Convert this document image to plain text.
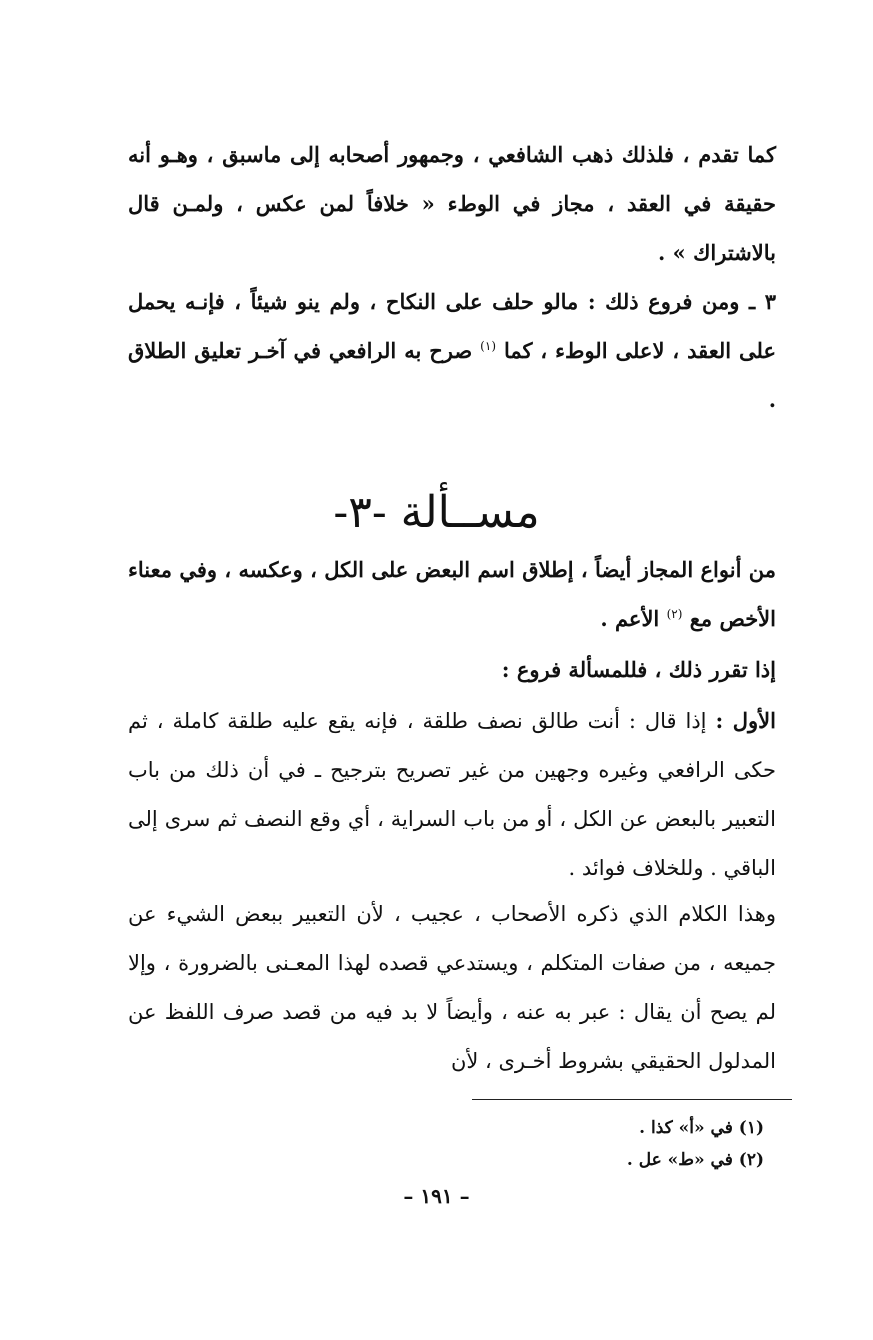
كما تقدم ، فلذلك ذهب الشافعي ، وجمهور أصحابه إلى ماسبق ، وهـو أنه حقيقة في العقد ، مجاز في الوطء « خلافاً لمن عكس ، ولمـن قال بالاشتراك » .

٣ ـ ومن فروع ذلك : مالو حلف على النكاح ، ولم ينو شيئاً ، فإنـه يحمل على العقد ، لاعلى الوطء ، كما $^{(١)}$ صرح به الرافعي في آخـر تعليق الطلاق .

مســألة -٣-

من أنواع المجاز أيضاً ، إطلاق اسم البعض على الكل ، وعكسه ، وفي معناء الأخص مع $^{(٢)}$ الأعم .

إذا تقرر ذلك ، فللمسألة فروع :

الأول : إذا قال : أنت طالق نصف طلقة ، فإنه يقع عليه طلقة كاملة ، ثم حكى الرافعي وغيره وجهين من غير تصريح بترجيح ـ في أن ذلك من باب التعبير بالبعض عن الكل ، أو من باب السراية ، أي وقع النصف ثم سرى إلى الباقي . وللخلاف فوائد .

وهذا الكلام الذي ذكره الأصحاب ، عجيب ، لأن التعبير ببعض الشيء عن جميعه ، من صفات المتكلم ، ويستدعي قصده لهذا المعـنى بالضرورة ، وإلا لم يصح أن يقال : عبر به عنه ، وأيضاً لا بد فيه من قصد صرف اللفظ عن المدلول الحقيقي بشروط أخـرى ، لأن

(١) في «أ» كذا .
(٢) في «ط» عل .
– ١٩١ –
